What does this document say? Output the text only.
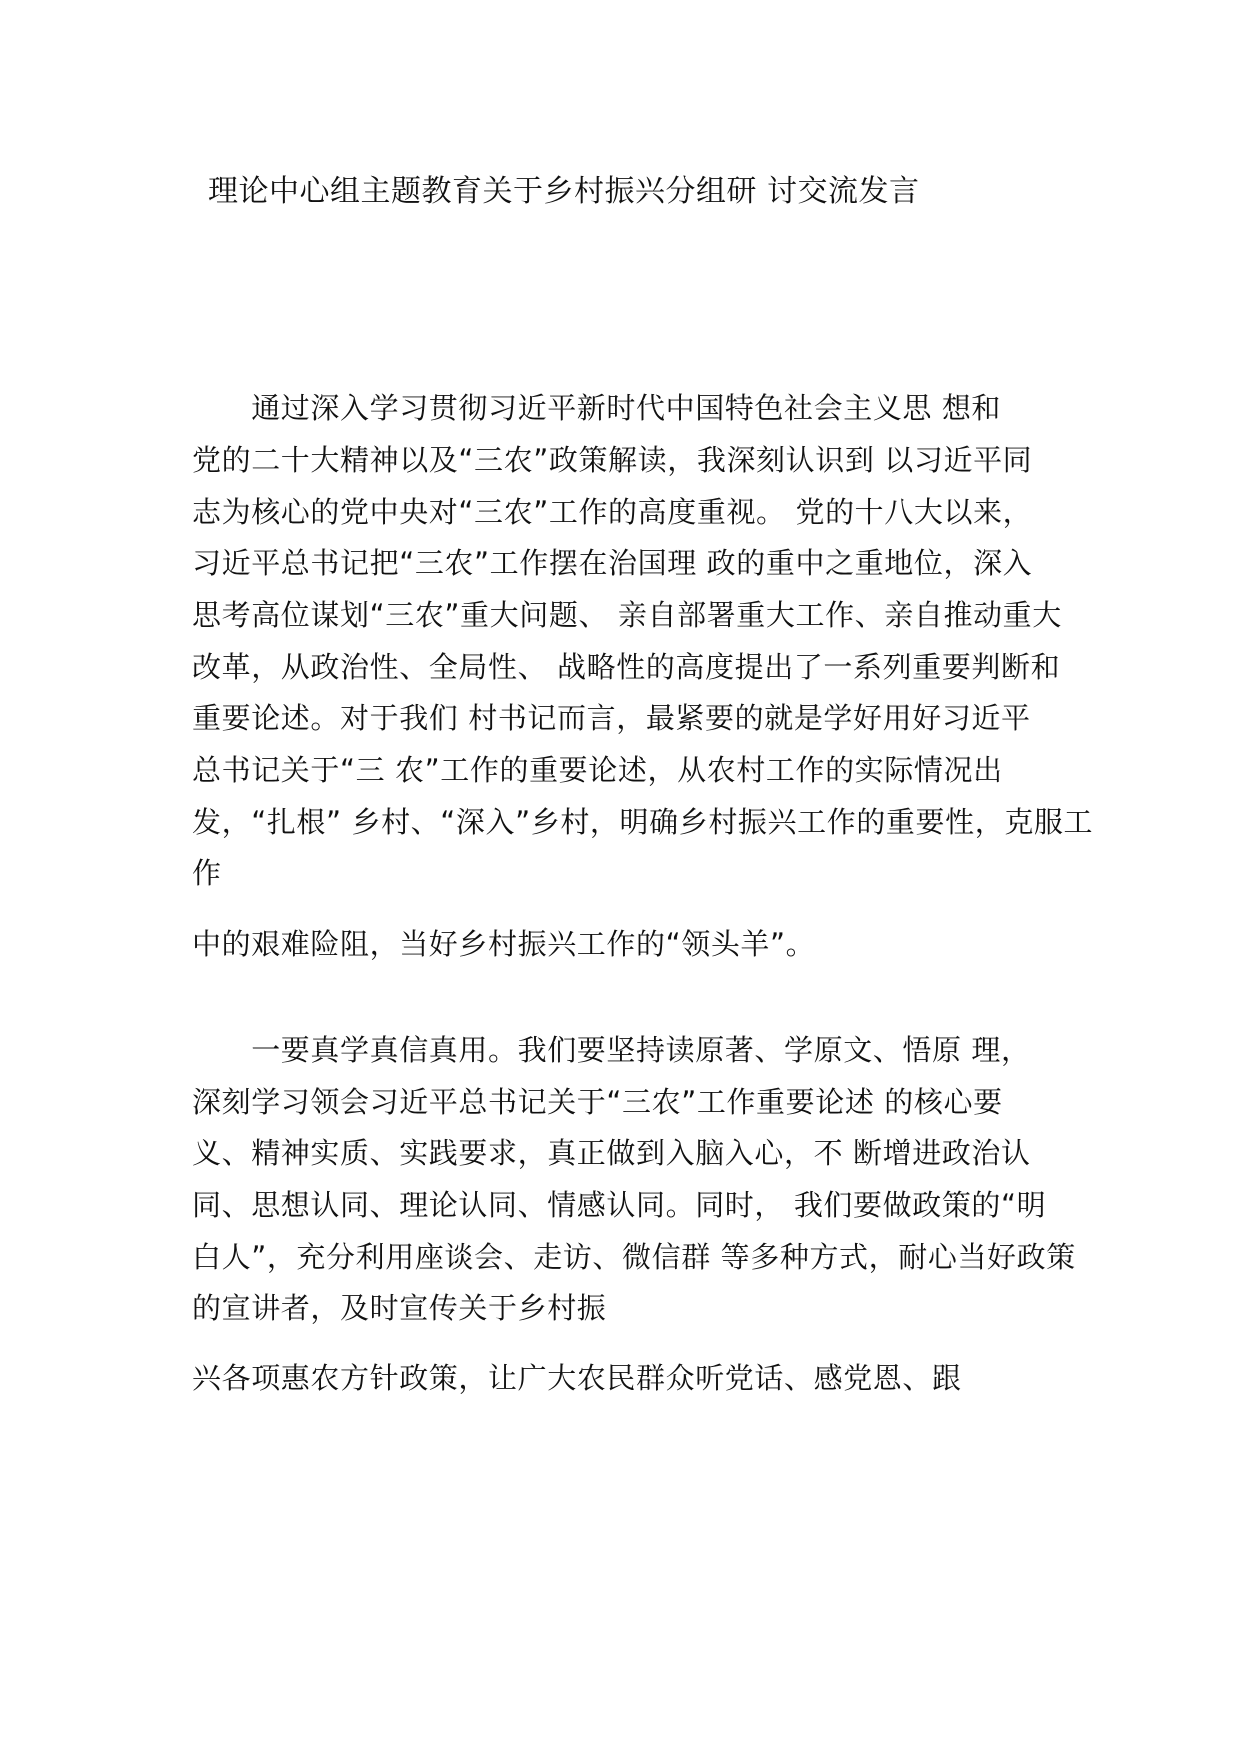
理论中心组主题教育关于乡村振兴分组研 讨交流发言
　　通过深入学习贯彻习近平新时代中国特色社会主义思 想和
党的二十大精神以及“三农”政策解读，我深刻认识到 以习近平同
志为核心的党中央对“三农”工作的高度重视。 党的十八大以来，
习近平总书记把“三农”工作摆在治国理 政的重中之重地位，深入
思考高位谋划“三农”重大问题、 亲自部署重大工作、亲自推动重大
改革，从政治性、全局性、 战略性的高度提出了一系列重要判断和
重要论述。对于我们 村书记而言，最紧要的就是学好用好习近平
总书记关于“三 农”工作的重要论述，从农村工作的实际情况出
发，“扎根” 乡村、“深入”乡村，明确乡村振兴工作的重要性，克服工
作
中的艰难险阻，当好乡村振兴工作的“领头羊”。
　　一要真学真信真用。我们要坚持读原著、学原文、悟原 理，
深刻学习领会习近平总书记关于“三农”工作重要论述 的核心要
义、精神实质、实践要求，真正做到入脑入心，不 断增进政治认
同、思想认同、理论认同、情感认同。同时， 我们要做政策的“明
白人”，充分利用座谈会、走访、微信群 等多种方式，耐心当好政策
的宣讲者，及时宣传关于乡村振
兴各项惠农方针政策，让广大农民群众听党话、感党恩、跟
